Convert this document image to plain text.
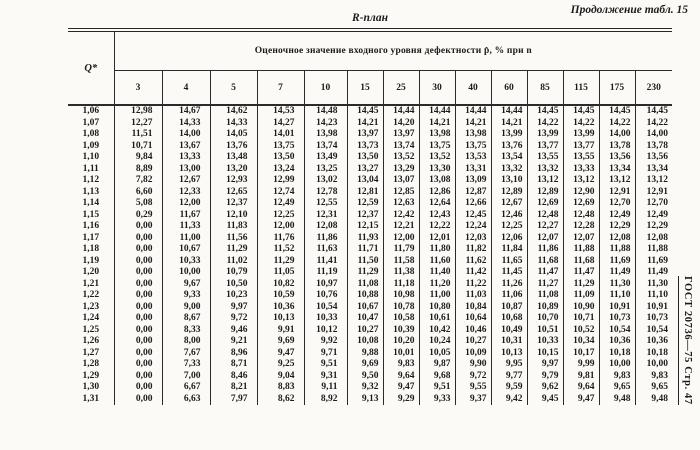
Продолжение табл. 15
R-план
Q*	Оценочное значение входного уровня дефектности p̂, % при n													
	3	4	5	7	10	15	25	30	40	60	85	115	175	230
1,06	12,98	14,67	14,62	14,53	14,48	14,45	14,44	14,44	14,44	14,44	14,45	14,45	14,45	14,45
1,07	12,27	14,33	14,33	14,27	14,23	14,21	14,20	14,21	14,21	14,21	14,22	14,22	14,22	14,22
1,08	11,51	14,00	14,05	14,01	13,98	13,97	13,97	13,98	13,98	13,99	13,99	13,99	14,00	14,00
1,09	10,71	13,67	13,76	13,75	13,74	13,73	13,74	13,75	13,75	13,76	13,77	13,77	13,78	13,78
1,10	9,84	13,33	13,48	13,50	13,49	13,50	13,52	13,52	13,53	13,54	13,55	13,55	13,56	13,56
1,11	8,89	13,00	13,20	13,24	13,25	13,27	13,29	13,30	13,31	13,32	13,32	13,33	13,34	13,34
1,12	7,82	12,67	12,93	12,99	13,02	13,04	13,07	13,08	13,09	13,10	13,12	13,12	13,12	13,12
1,13	6,60	12,33	12,65	12,74	12,78	12,81	12,85	12,86	12,87	12,89	12,89	12,90	12,91	12,91
1,14	5,08	12,00	12,37	12,49	12,55	12,59	12,63	12,64	12,66	12,67	12,69	12,69	12,70	12,70
1,15	0,29	11,67	12,10	12,25	12,31	12,37	12,42	12,43	12,45	12,46	12,48	12,48	12,49	12,49
1,16	0,00	11,33	11,83	12,00	12,08	12,15	12,21	12,22	12,24	12,25	12,27	12,28	12,29	12,29
1,17	0,00	11,00	11,56	11,76	11,86	11,93	12,00	12,01	12,03	12,06	12,07	12,07	12,08	12,08
1,18	0,00	10,67	11,29	11,52	11,63	11,71	11,79	11,80	11,82	11,84	11,86	11,88	11,88	11,88
1,19	0,00	10,33	11,02	11,29	11,41	11,50	11,58	11,60	11,62	11,65	11,68	11,68	11,69	11,69
1,20	0,00	10,00	10,79	11,05	11,19	11,29	11,38	11,40	11,42	11,45	11,47	11,47	11,49	11,49
1,21	0,00	9,67	10,50	10,82	10,97	11,08	11,18	11,20	11,22	11,26	11,27	11,29	11,30	11,30
1,22	0,00	9,33	10,23	10,59	10,76	10,88	10,98	11,00	11,03	11,06	11,08	11,09	11,10	11,10
1,23	0,00	9,00	9,97	10,36	10,54	10,67	10,78	10,80	10,84	10,87	10,89	10,90	10,91	10,91
1,24	0,00	8,67	9,72	10,13	10,33	10,47	10,58	10,61	10,64	10,68	10,70	10,71	10,73	10,73
1,25	0,00	8,33	9,46	9,91	10,12	10,27	10,39	10,42	10,46	10,49	10,51	10,52	10,54	10,54
1,26	0,00	8,00	9,21	9,69	9,92	10,08	10,20	10,24	10,27	10,31	10,33	10,34	10,36	10,36
1,27	0,00	7,67	8,96	9,47	9,71	9,88	10,01	10,05	10,09	10,13	10,15	10,17	10,18	10,18
1,28	0,00	7,33	8,71	9,25	9,51	9,69	9,83	9,87	9,90	9,95	9,97	9,99	10,00	10,00
1,29	0,00	7,00	8,46	9,04	9,31	9,50	9,64	9,68	9,72	9,77	9,79	9,81	9,83	9,83
1,30	0,00	6,67	8,21	8,83	9,11	9,32	9,47	9,51	9,55	9,59	9,62	9,64	9,65	9,65
1,31	0,00	6,63	7,97	8,62	8,92	9,13	9,29	9,33	9,37	9,42	9,45	9,47	9,48	9,48	ГОСТ 20736—75 Стр. 47
